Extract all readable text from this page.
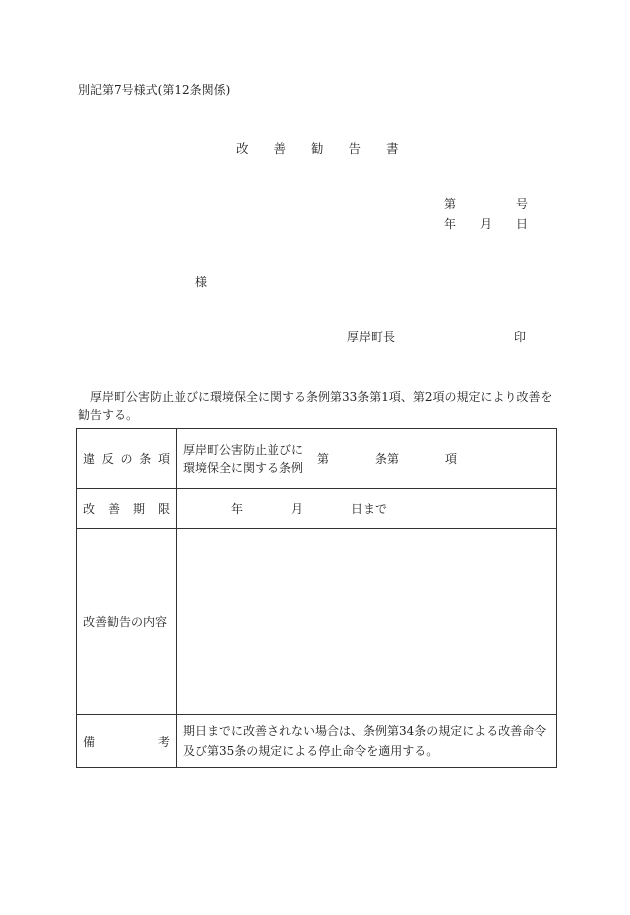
別記第7号様式(第12条関係)
改善勧告書
第	号
年 月 日
様
厚岸町長	印
厚岸町公害防止並びに環境保全に関する条例第33条第1項、第2項の規定により改善を勧告する。
違 反 の 条 項	厚岸町公害防止並びに環境保全に関する条例第 条第 項

改 善 期 限	年 月 日まで

改善勧告の内容	

備 考	期日までに改善されない場合は、条例第34条の規定による改善命令及び第35条の規定による停止命令を適用する。
